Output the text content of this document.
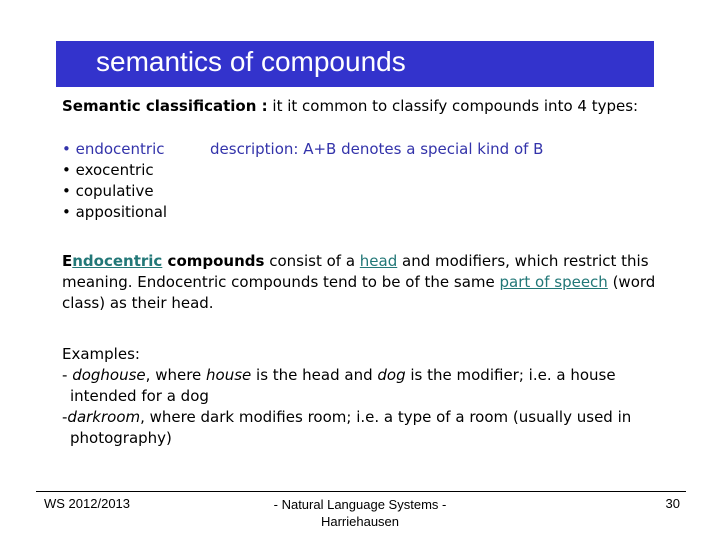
semantics of compounds
Semantic classification : it it common to classify compounds into 4 types:
• endocentric
• exocentric
• copulative
• appositional
description: A+B denotes a special kind of B
Endocentric compounds consist of a head and modifiers, which restrict this meaning. Endocentric compounds tend to be of the same part of speech (word class) as their head.
Examples:
- doghouse, where house is the head and dog is the modifier; i.e. a house
intended for a dog
-darkroom, where dark modifies room; i.e. a type of a room (usually used in
photography)
WS 2012/2013	- Natural Language Systems -
Harriehausen
30
